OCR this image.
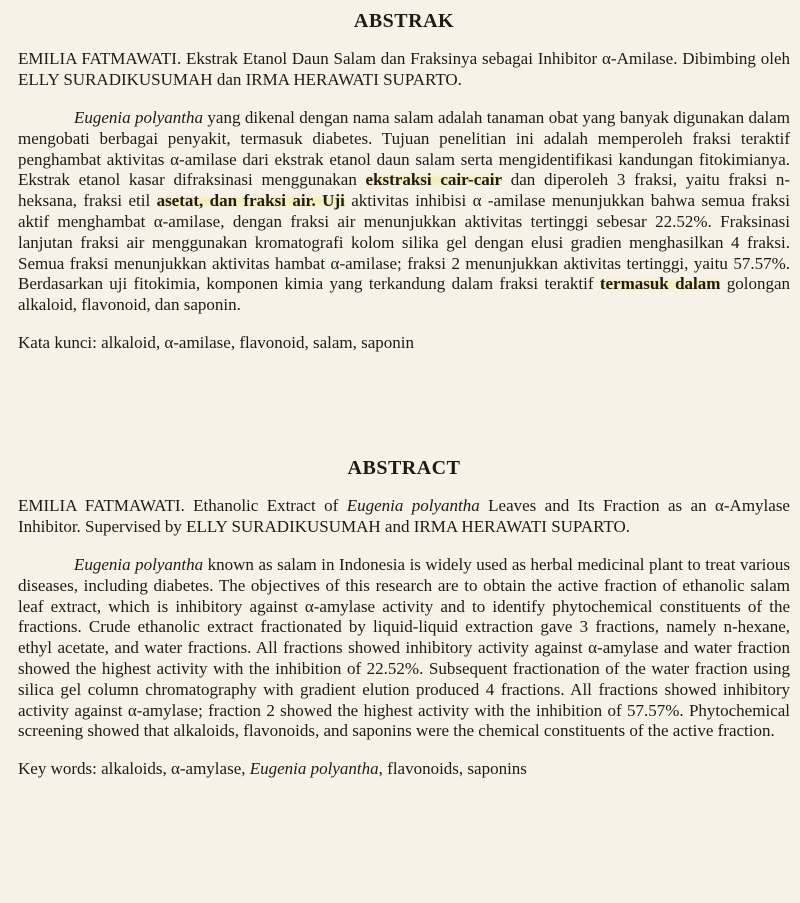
ABSTRAK

EMILIA FATMAWATI. Ekstrak Etanol Daun Salam dan Fraksinya sebagai Inhibitor α-Amilase. Dibimbing oleh ELLY SURADIKUSUMAH dan IRMA HERAWATI SUPARTO.

Eugenia polyantha yang dikenal dengan nama salam adalah tanaman obat yang banyak digunakan dalam mengobati berbagai penyakit, termasuk diabetes. Tujuan penelitian ini adalah memperoleh fraksi teraktif penghambat aktivitas α-amilase dari ekstrak etanol daun salam serta mengidentifikasi kandungan fitokimianya. Ekstrak etanol kasar difraksinasi menggunakan ekstraksi cair-cair dan diperoleh 3 fraksi, yaitu fraksi n-heksana, fraksi etil asetat, dan fraksi air. Uji aktivitas inhibisi α -amilase menunjukkan bahwa semua fraksi aktif menghambat α-amilase, dengan fraksi air menunjukkan aktivitas tertinggi sebesar 22.52%. Fraksinasi lanjutan fraksi air menggunakan kromatografi kolom silika gel dengan elusi gradien menghasilkan 4 fraksi. Semua fraksi menunjukkan aktivitas hambat α-amilase; fraksi 2 menunjukkan aktivitas tertinggi, yaitu 57.57%. Berdasarkan uji fitokimia, komponen kimia yang terkandung dalam fraksi teraktif termasuk dalam golongan alkaloid, flavonoid, dan saponin.

Kata kunci: alkaloid, α-amilase, flavonoid, salam, saponin

ABSTRACT

EMILIA FATMAWATI. Ethanolic Extract of Eugenia polyantha Leaves and Its Fraction as an α-Amylase Inhibitor. Supervised by ELLY SURADIKUSUMAH and IRMA HERAWATI SUPARTO.

Eugenia polyantha known as salam in Indonesia is widely used as herbal medicinal plant to treat various diseases, including diabetes. The objectives of this research are to obtain the active fraction of ethanolic salam leaf extract, which is inhibitory against α-amylase activity and to identify phytochemical constituents of the fractions. Crude ethanolic extract fractionated by liquid-liquid extraction gave 3 fractions, namely n-hexane, ethyl acetate, and water fractions. All fractions showed inhibitory activity against α-amylase and water fraction showed the highest activity with the inhibition of 22.52%. Subsequent fractionation of the water fraction using silica gel column chromatography with gradient elution produced 4 fractions. All fractions showed inhibitory activity against α-amylase; fraction 2 showed the highest activity with the inhibition of 57.57%. Phytochemical screening showed that alkaloids, flavonoids, and saponins were the chemical constituents of the active fraction.

Key words: alkaloids, α-amylase, Eugenia polyantha, flavonoids, saponins
